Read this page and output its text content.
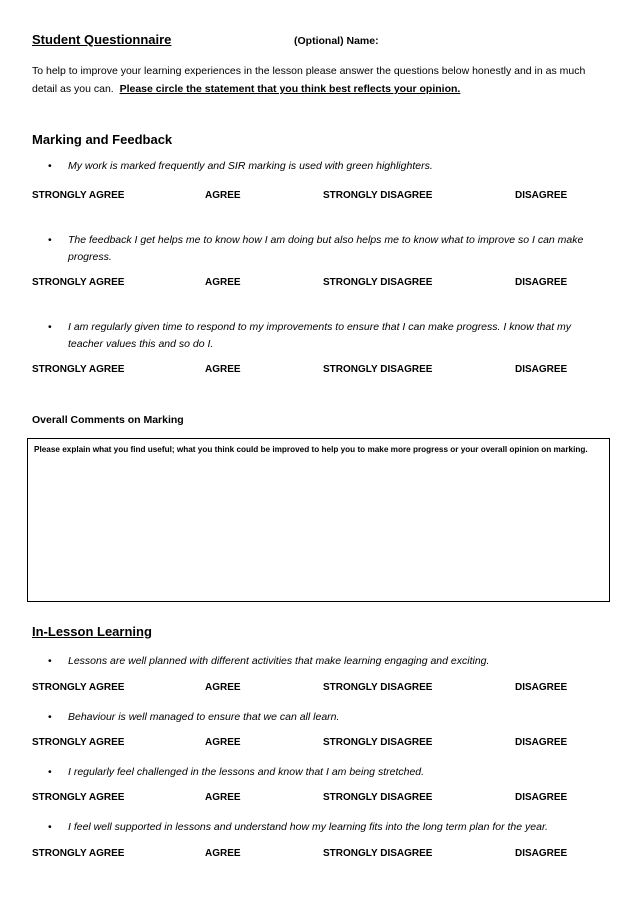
Student Questionnaire	(Optional) Name:
To help to improve your learning experiences in the lesson please answer the questions below honestly and in as much
detail as you can. Please circle the statement that you think best reflects your opinion.
Marking and Feedback
• My work is marked frequently and SIR marking is used with green highlighters.
STRONGLY AGREE	AGREE	STRONGLY DISAGREE	DISAGREE
• The feedback I get helps me to know how I am doing but also helps me to know what to improve so I can make progress.
STRONGLY AGREE	AGREE	STRONGLY DISAGREE	DISAGREE
• I am regularly given time to respond to my improvements to ensure that I can make progress. I know that my teacher values this and so do I.
STRONGLY AGREE	AGREE	STRONGLY DISAGREE	DISAGREE
Overall Comments on Marking
Please explain what you find useful; what you think could be improved to help you to make more progress or your overall opinion on marking.
In-Lesson Learning
• Lessons are well planned with different activities that make learning engaging and exciting.
STRONGLY AGREE	AGREE	STRONGLY DISAGREE	DISAGREE
• Behaviour is well managed to ensure that we can all learn.
STRONGLY AGREE	AGREE	STRONGLY DISAGREE	DISAGREE
• I regularly feel challenged in the lessons and know that I am being stretched.
STRONGLY AGREE	AGREE	STRONGLY DISAGREE	DISAGREE
• I feel well supported in lessons and understand how my learning fits into the long term plan for the year.
STRONGLY AGREE	AGREE	STRONGLY DISAGREE	DISAGREE
